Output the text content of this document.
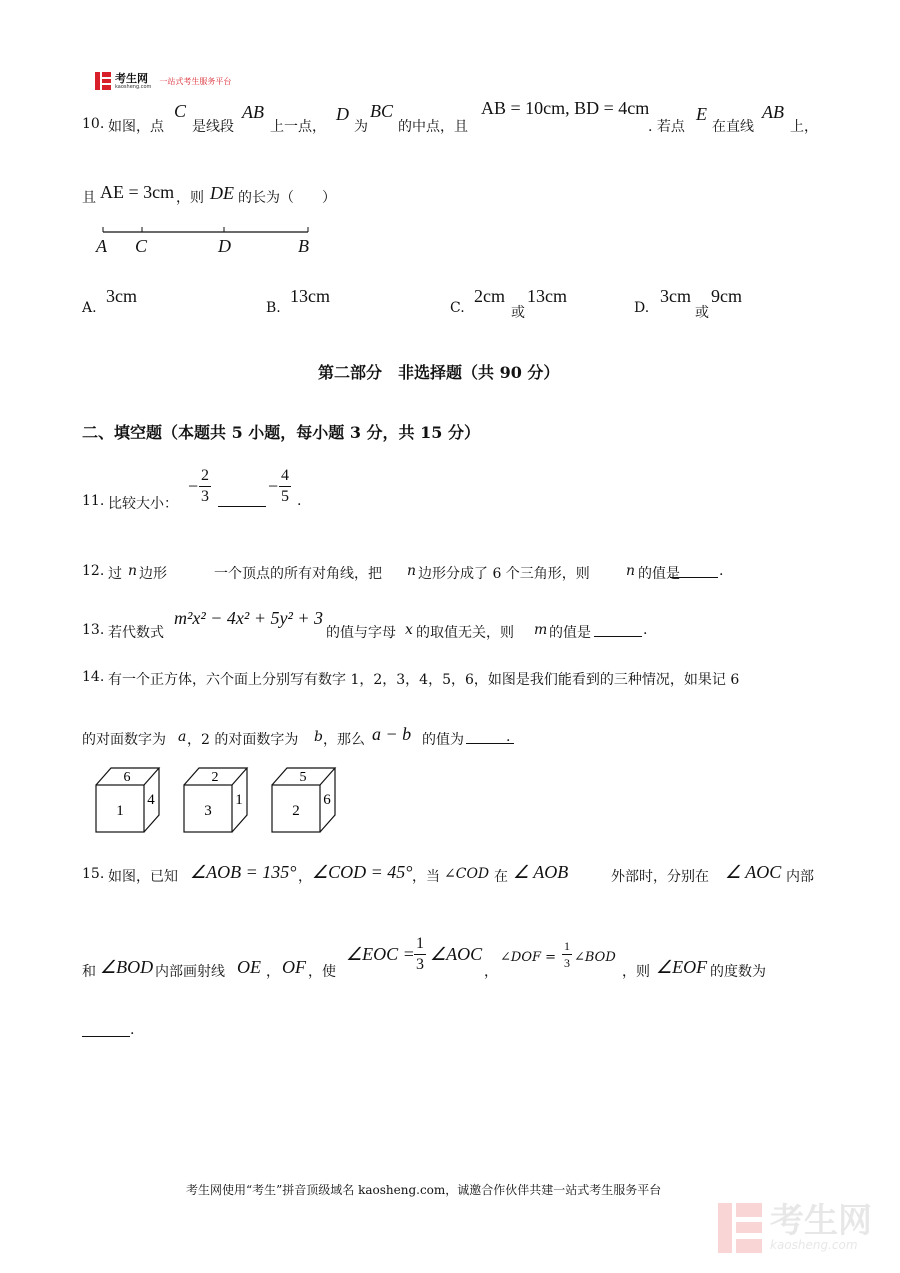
考生网
kaosheng.com
一站式考生服务平台
10. 如图，点
C
是线段
AB
上一点，
D
为
BC
的中点，且
AB = 10cm, BD = 4cm
. 若点
E
在直线
AB
上，
且 AE = 3cm ，则 DE 的长为（　　）
A C	D	B
A.
3cm
B.
13cm
C.
2cm
或
13cm
D.
3cm
或
9cm
第二部分　非选择题（共 90 分）
二、填空题（本题共 5 小题，每小题 3 分，共 15 分）
11. 比较大小：
− $\frac{2}{3}$	− $\frac{4}{5}$ .
12. 过 n 边形	一个顶点的所有对角线，把 n 边形分成了 6 个三角形，则	n 的值是	.
13. 若代数式
m²x² − 4x² + 5y² + 3
的值与字母 x 的取值无关，则 m 的值是	.
14. 有一个正方体，六个面上分别写有数字 1，2，3，4，5，6，如图是我们能看到的三种情况，如果记 6
的对面数字为 a ，2 的对面数字为 b ，那么 a − b 的值为	.
6
1
4
2
3
1
5
2
6
15. 如图，已知 ∠AOB = 135° ， ∠COD = 45° ，当 ∠COD 在 ∠ AOB	外部时，分别在 ∠ AOC 内部
和 ∠BOD 内部画射线 OE ， OF ，使
∠EOC = $\frac{1}{3}$ ∠AOC
，
∠DOF = $\frac{1}{3}$ ∠BOD
，则 ∠EOF 的度数为
.
考生网使用“考生”拼音顶级域名 kaosheng.com，诚邀合作伙伴共建一站式考生服务平台
考生网
kaosheng.com
